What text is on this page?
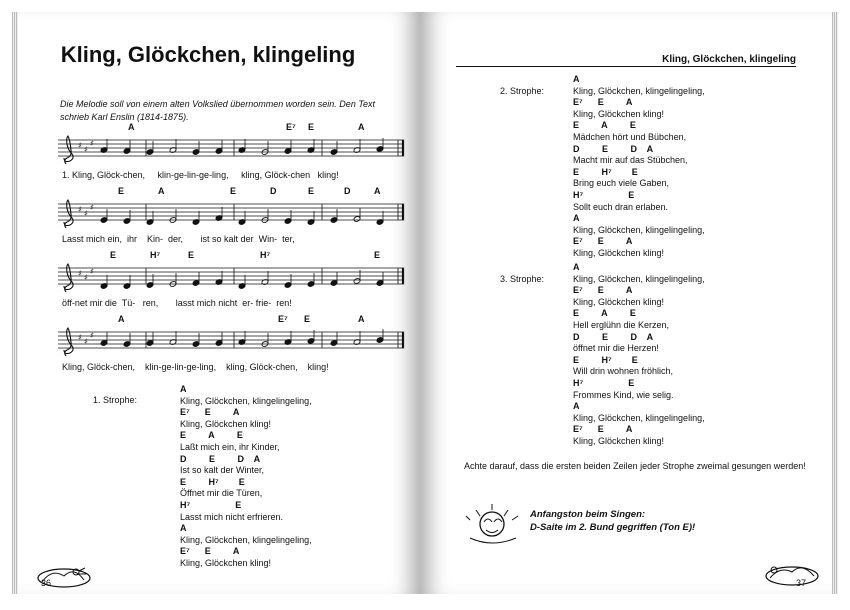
Kling, Glöckchen, klingeling
Die Melodie soll von einem alten Volkslied übernommen worden sein. Den Text schrieb Karl Enslin (1814-1875).
A	E⁷ E	A
♯ ♯
♯
1. Kling, Glöck-chen,     klin-ge-lin-ge-ling,     kling, Glöck-chen   kling!
E	A	E	D	E	D	A
♯ ♯
♯
Lasst mich ein,  ihr    Kin-  der,       ist so kalt der  Win-  ter,
E	H⁷	E	H⁷	E
♯ ♯
♯
öff-net mir die  Tü-   ren,       lasst mich nicht  er- frie-  ren!
A	E⁷ E	A
♯ ♯
♯
Kling, Glöck-chen,    klin-ge-lin-ge-ling,    kling, Glöck-chen,    kling!
1. Strophe:
A
Kling, Glöckchen, klingelingeling,
E⁷      E         A
Kling, Glöckchen kling!
E         A         E
Laßt mich ein, ihr Kinder,
D         E         D    A
Ist so kalt der Winter,
E         H⁷        E
Öffnet mir die Türen,
H⁷                  E
Lasst mich nicht erfrieren.
A
Kling, Glöckchen, klingelingeling,
E⁷      E         A
Kling, Glöckchen kling!
36
Kling, Glöckchen, klingeling
2. Strophe:
A
Kling, Glöckchen, klingelingeling,
E⁷      E         A
Kling, Glöckchen kling!
E         A         E
Mädchen hört und Bübchen,
D         E         D    A
Macht mir auf das Stübchen,
E         H⁷        E
Bring euch viele Gaben,
H⁷                  E
Sollt euch dran erlaben.
A
Kling, Glöckchen, klingelingeling,
E⁷      E         A
Kling, Glöckchen kling!
3. Strophe:
A
Kling, Glöckchen, klingelingeling,
E⁷      E         A
Kling, Glöckchen kling!
E         A         E
Hell erglühn die Kerzen,
D         E         D    A
öffnet mir die Herzen!
E         H⁷        E
Will drin wohnen fröhlich,
H⁷                  E
Frommes Kind, wie selig.
A
Kling, Glöckchen, klingelingeling,
E⁷      E         A
Kling, Glöckchen kling!
Achte darauf, dass die ersten beiden Zeilen jeder Strophe zweimal gesungen werden!
Anfangston beim Singen:
D-Saite im 2. Bund gegriffen (Ton E)!
37
